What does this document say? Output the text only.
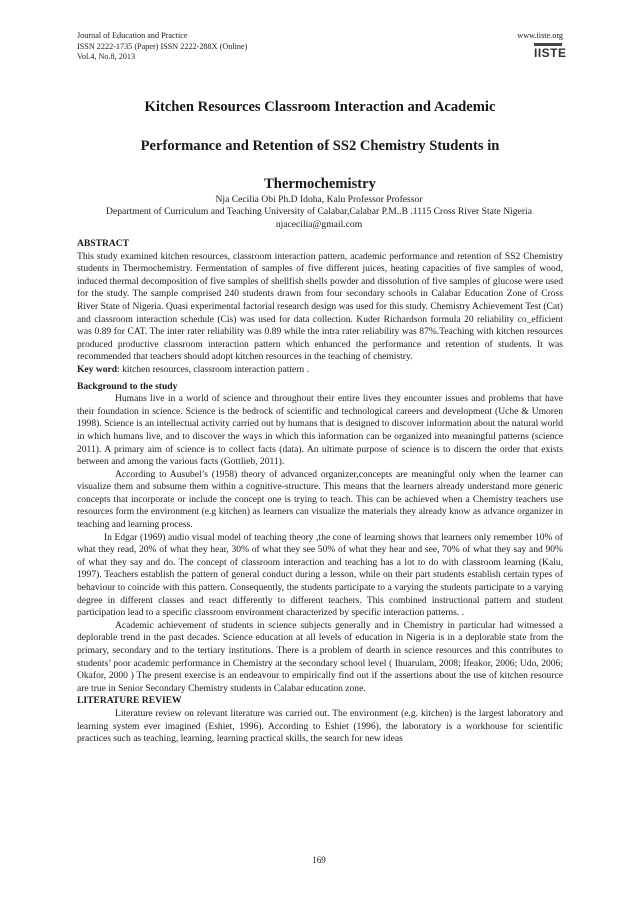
Journal of Education and Practice
ISSN 2222-1735 (Paper) ISSN 2222-288X (Online)
Vol.4, No.8, 2013
www.iiste.org
IISTE
Kitchen Resources Classroom Interaction and Academic
Performance and Retention of SS2 Chemistry Students in
Thermochemistry
Nja Cecilia Obi Ph.D Idoha, Kalu Professor Professor
Department of Curriculum and Teaching University of Calabar,Calabar P.M..B .1115 Cross River State Nigeria
njacecilia@gmail.com

ABSTRACT

This study examined kitchen resources, classroom interaction pattern, academic performance and retention of SS2 Chemistry students in Thermochemistry. Fermentation of samples of five different juices, heating capacities of five samples of wood, induced thermal decomposition of five samples of shellfish shells powder and dissolution of five samples of glucose were used for the study. The sample comprised 240 students drawn from four secondary schools in Calabar Education Zone of Cross River State of Nigeria. Quasi experimental factorial research design was used for this study. Chemistry Achievement Test (Cat) and classroom interaction schedule (Cis) was used for data collection. Kuder Richardson formula 20 reliability co_efficient was 0.89 for CAT. The inter rater reliability was 0.89 while the intra rater reliability was 87%.Teaching with kitchen resources produced productive classroom interaction pattern which enhanced the performance and retention of students. It was recommended that teachers should adopt kitchen resources in the teaching of chemistry.

Key word: kitchen resources, classroom interaction pattern .

Background to the study

Humans live in a world of science and throughout their entire lives they encounter issues and problems that have their foundation in science. Science is the bedrock of scientific and technological careers and development (Uche & Umoren 1998). Science is an intellectual activity carried out by humans that is designed to discover information about the natural world in which humans live, and to discover the ways in which this information can be organized into meaningful patterns (science 2011). A primary aim of science is to collect facts (data). An ultimate purpose of science is to discern the order that exists between and among the various facts (Gottlieb, 2011).

According to Ausubel’s (1958) theory of advanced organizer,concepts are meaningful only when the learner can visualize them and subsume them within a cognitive-structure. This means that the learners already understand more generic concepts that incorporate or include the concept one is trying to teach. This can be achieved when a Chemistry teachers use resources form the environment (e.g kitchen) as learners can visualize the materials they already know as advance organizer in teaching and learning process.

In Edgar (1969) audio visual model of teaching theory ,the cone of learning shows that learners only remember 10% of what they read, 20% of what they hear, 30% of what they see 50% of what they hear and see, 70% of what they say and 90% of what they say and do. The concept of classroom interaction and teaching has a lot to do with classroom learning (Kalu, 1997). Teachers establish the pattern of general conduct during a lesson, while on their part students establish certain types of behaviour to coincide with this pattern. Consequently, the students participate to a varying the students participate to a varying degree in different classes and react differently to different teachers. This combined instructional pattern and student participation lead to a specific classroom environment characterized by specific interaction patterns. .

Academic achievement of students in science subjects generally and in Chemistry in particular had witnessed a deplorable trend in the past decades. Science education at all levels of education in Nigeria is in a deplorable state from the primary, secondary and to the tertiary institutions. There is a problem of dearth in science resources and this contributes to students’ poor academic performance in Chemistry at the secondary school level ( Ihuarulam, 2008; Ifeakor, 2006; Udo, 2006; Okafor, 2000 ) The present exercise is an endeavour to empirically find out if the assertions about the use of kitchen resource are true in Senior Secondary Chemistry students in Calabar education zone.

LITERATURE REVIEW

Literature review on relevant literature was carried out. The environment (e.g. kitchen) is the largest laboratory and learning system ever imagined (Eshiet, 1996). According to Eshiet (1996), the laboratory is a workhouse for scientific practices such as teaching, learning, learning practical skills, the search for new ideas

169
